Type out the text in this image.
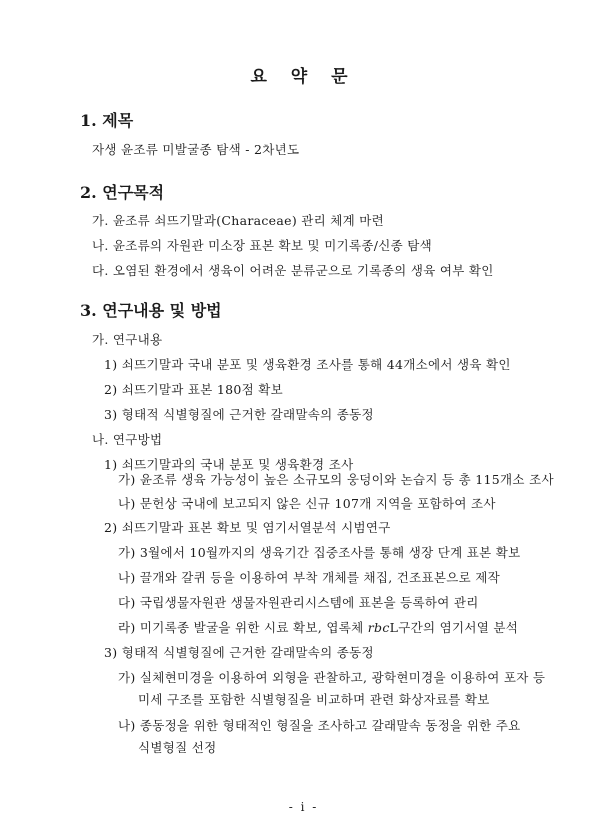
요 약 문
1. 제목
자생 윤조류 미발굴종 탐색 - 2차년도
2. 연구목적
가. 윤조류 쇠뜨기말과(Characeae) 관리 체계 마련
나. 윤조류의 자원관 미소장 표본 확보 및 미기록종/신종 탐색
다. 오염된 환경에서 생육이 어려운 분류군으로 기록종의 생육 여부 확인
3. 연구내용 및 방법
가. 연구내용
1) 쇠뜨기말과 국내 분포 및 생육환경 조사를 통해 44개소에서 생육 확인
2) 쇠뜨기말과 표본 180점 확보
3) 형태적 식별형질에 근거한 갈래말속의 종동정
나. 연구방법
1) 쇠뜨기말과의 국내 분포 및 생육환경 조사
가) 윤조류 생육 가능성이 높은 소규모의 웅덩이와 논습지 등 총 115개소 조사
나) 문헌상 국내에 보고되지 않은 신규 107개 지역을 포함하여 조사
2) 쇠뜨기말과 표본 확보 및 염기서열분석 시범연구
가) 3월에서 10월까지의 생육기간 집중조사를 통해 생장 단계 표본 확보
나) 끌개와 갈퀴 등을 이용하여 부착 개체를 채집, 건조표본으로 제작
다) 국립생물자원관 생물자원관리시스템에 표본을 등록하여 관리
라) 미기록종 발굴을 위한 시료 확보, 엽록체 rbcL구간의 염기서열 분석
3) 형태적 식별형질에 근거한 갈래말속의 종동정
가) 실체현미경을 이용하여 외형을 관찰하고, 광학현미경을 이용하여 포자 등
미세 구조를 포함한 식별형질을 비교하며 관련 화상자료를 확보
나) 종동정을 위한 형태적인 형질을 조사하고 갈래말속 동정을 위한 주요
식별형질 선정
- i -
